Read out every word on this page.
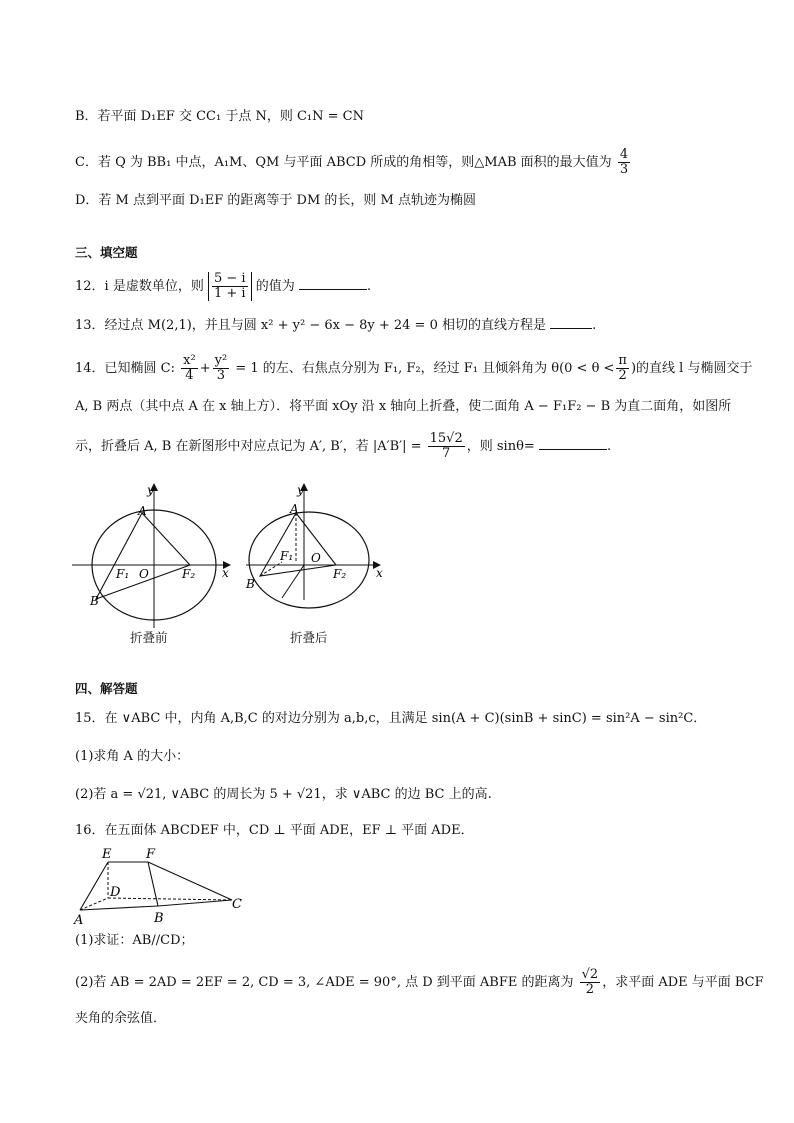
B．若平面 D₁EF 交 CC₁ 于点 N，则 C₁N = CN
C．若 Q 为 BB₁ 中点，A₁M、QM 与平面 ABCD 所成的角相等，则△MAB 面积的最大值为 $\frac{4}{3}$
D．若 M 点到平面 D₁EF 的距离等于 DM 的长，则 M 点轨迹为椭圆
三、填空题
12．i 是虚数单位，则 $\frac{5 - i}{1 + i}$ 的值为	.
13．经过点 M(2,1)，并且与圆 x² + y² − 6x − 8y + 24 = 0 相切的直线方程是	.
14．已知椭圆 C: $\frac{\text{x²}}{4} + \frac{\text{y²}}{3} = 1$ 的左、右焦点分别为 F₁, F₂，经过 F₁ 且倾斜角为 $\theta(0 < \theta < \frac{\pi}{2}$ )的直线 l 与椭圆交于
A, B 两点（其中点 A 在 x 轴上方）．将平面 xOy 沿 x 轴向上折叠，使二面角 A − F₁F₂ − B 为直二面角，如图所
示，折叠后 A, B 在新图形中对应点记为 A′, B′，若 $|A'B'| = \frac{15√2}{7}$ ，则 sinθ=	.
y
x
A
B
O
F₁	F₂
y
x
A
B
O
F₁
F₂
折叠前	折叠后
四、解答题
15．在 ∨ABC 中，内角 A,B,C 的对边分别为 a,b,c，且满足 sin(A + C)(sinB + sinC) = sin²A − sin²C．
(1)求角 A 的大小：
(2)若 a = √21, ∨ABC 的周长为 5 + √21，求 ∨ABC 的边 BC 上的高.
16．在五面体 ABCDEF 中，CD ⊥ 平面 ADE，EF ⊥ 平面 ADE．
E	F
D
A	B
C
(1)求证：AB//CD；
(2)若 AB = 2AD = 2EF = 2, CD = 3, ∠ADE = 90°, 点 D 到平面 ABFE 的距离为 $\frac{√2}{2}$ ，求平面 ADE 与平面 BCF
夹角的余弦值．
